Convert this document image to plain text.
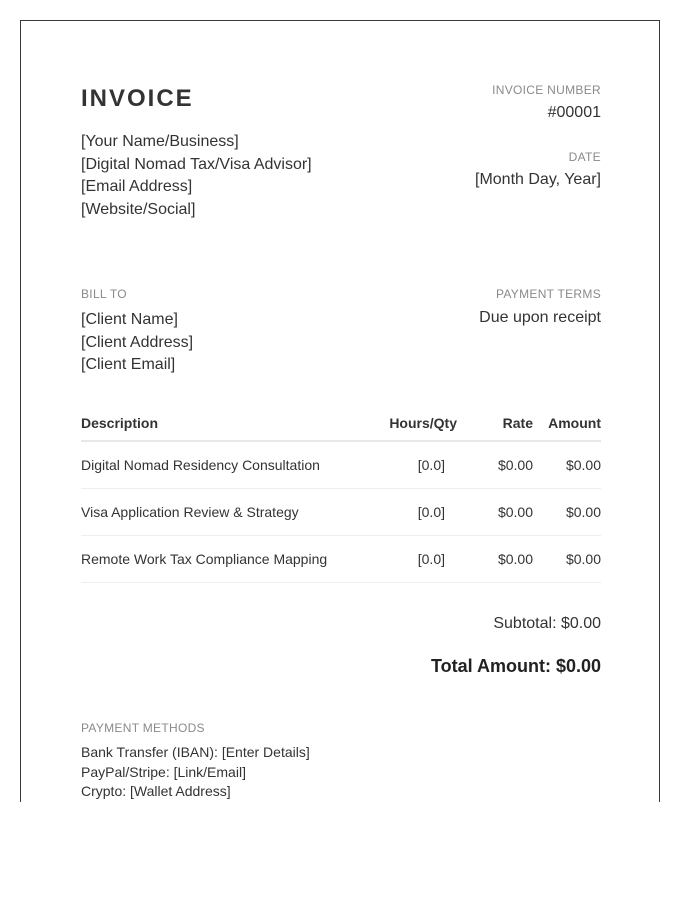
INVOICE
[Your Name/Business]
[Digital Nomad Tax/Visa Advisor]
[Email Address]
[Website/Social]
INVOICE NUMBER
#00001
DATE
[Month Day, Year]
BILL TO
[Client Name]
[Client Address]
[Client Email]
PAYMENT TERMS
Due upon receipt
Description	Hours/Qty	Rate	Amount
Digital Nomad Residency Consultation	[0.0]	$0.00	$0.00
Visa Application Review & Strategy	[0.0]	$0.00	$0.00
Remote Work Tax Compliance Mapping	[0.0]	$0.00	$0.00
Subtotal: $0.00
Total Amount: $0.00
PAYMENT METHODS
Bank Transfer (IBAN): [Enter Details]
PayPal/Stripe: [Link/Email]
Crypto: [Wallet Address]
